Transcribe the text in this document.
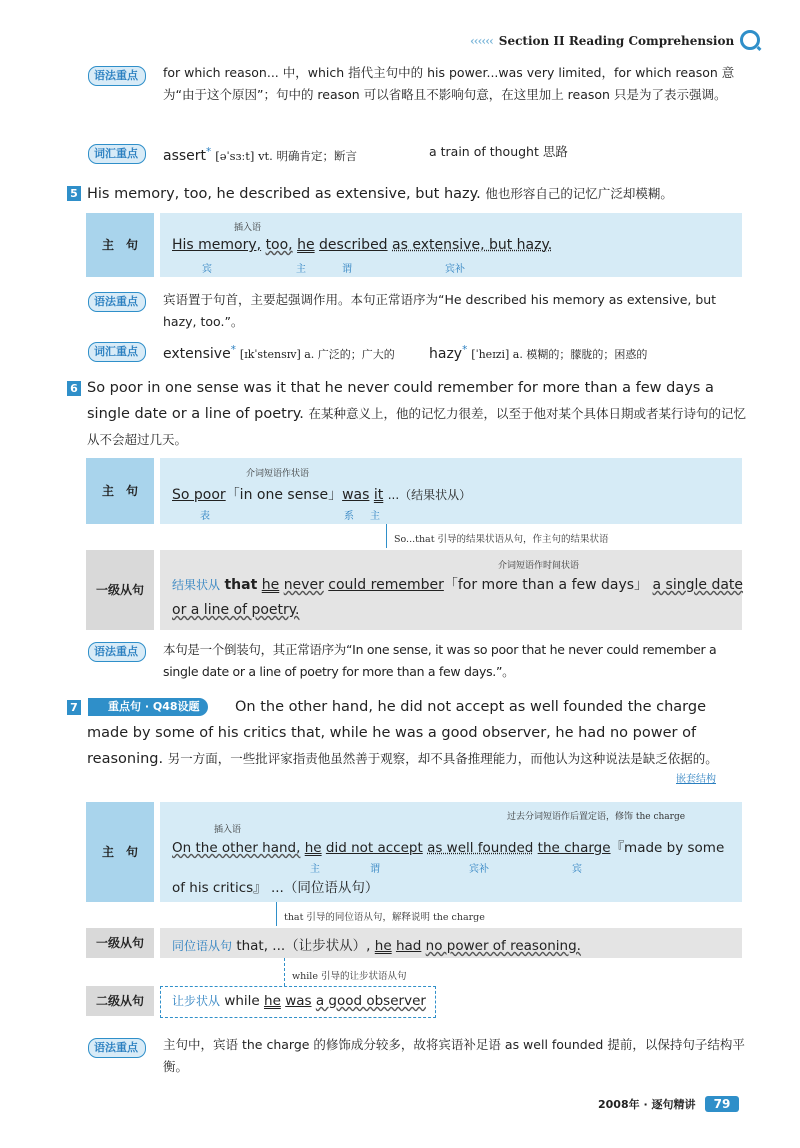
‹‹‹‹‹‹ Section II Reading Comprehension
语法重点	for which reason... 中，which 指代主句中的 his power...was very limited，for which reason 意为“由于这个原因”；句中的 reason 可以省略且不影响句意，在这里加上 reason 只是为了表示强调。
词汇重点	assert* [əˈsɜːt] vt. 明确肯定；断言	a train of thought 思路
5 His memory, too, he described as extensive, but hazy. 他也形容自己的记忆广泛却模糊。
主　句
插入语
His memory, too, he described as extensive, but hazy.
宾	主	谓	宾补
语法重点	宾语置于句首，主要起强调作用。本句正常语序为“He described his memory as extensive, but hazy, too.”。
词汇重点	extensive* [ɪkˈstensɪv] a. 广泛的；广大的 hazy* [ˈheɪzi] a. 模糊的；朦胧的；困惑的
6 So poor in one sense was it that he never could remember for more than a few days a single date or a line of poetry. 在某种意义上，他的记忆力很差，以至于他对某个具体日期或者某行诗句的记忆从不会超过几天。
主　句
介词短语作状语
So poor「in one sense」was it ...（结果状从）
表	系 主
So...that 引导的结果状语从句，作主句的结果状语
一级从句
介词短语作时间状语
结果状从 that he never could remember「for more than a few days」 a single date
or a line of poetry.
语法重点	本句是一个倒装句，其正常语序为“In one sense, it was so poor that he never could remember a single date or a line of poetry for more than a few days.”。
7	重点句 · Q48设题	On the other hand, he did not accept as well founded the charge made by some of his critics that, while he was a good observer, he had no power of reasoning. 另一方面，一些批评家指责他虽然善于观察，却不具备推理能力，而他认为这种说法是缺乏依据的。
嵌套结构
主　句
插入语
过去分词短语作后置定语，修饰 the charge
On the other hand, he did not accept as well founded the charge『made by some
主	谓	宾补	宾
of his critics』 ...（同位语从句）
that 引导的同位语从句，解释说明 the charge
一级从句	同位语从句 that, ...（让步状从）, he had no power of reasoning.
while 引导的让步状语从句
二级从句	让步状从 while he was a good observer
语法重点	主句中，宾语 the charge 的修饰成分较多，故将宾语补足语 as well founded 提前，以保持句子结构平衡。
2008年 · 逐句精讲	79
